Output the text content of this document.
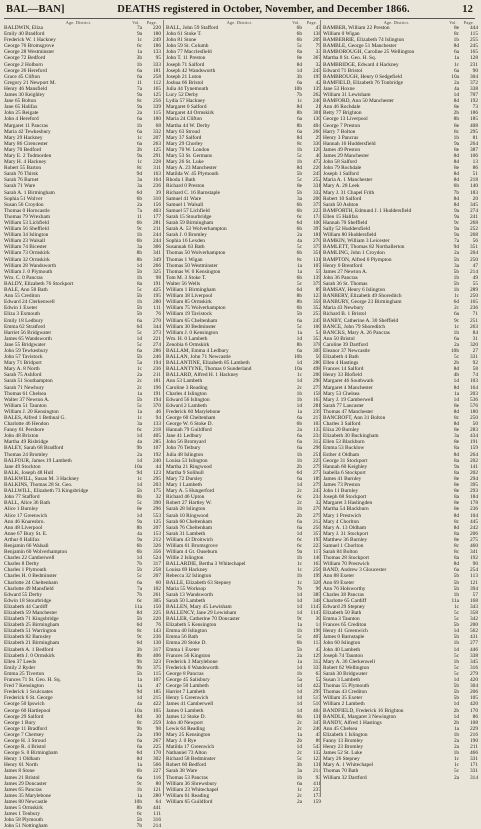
BAL—BAN]	DEATHS registered in October, November, and December 1866.	12
Age. District.	Vol.	Page.
BALDWIN, Eliza	7a	220
Emily 40 Bradford	9a	180
Frederick W. 1 Hackney	1c	249
George 76 Bromsgrove	6c	186
George 28 Westminster	1a	133
George 72 Bedford	3b	95
George 2 Holborn	1b	333
George 26 Hereford	6a	181
Grace 45 Clifton	6a	258
Gregory 21 Newport M.	11	112
Henry 46 Mansfield	7a	165
James 30 Keighley	9a	125
Jane 65 Bolton	8c	256
Jane 65 Halifax	9a	339
John 25 Reigate	2a	115
John 4 Hereford	6a	180
Margaret 11 Pancras	1b	68
Maria 42 Tewkesbury	6a	332
Mary 29 Hackney	1c	207
Mary 86 Cirencester	6a	263
Mary 70 Bedford	3b	125
Mary E. 2 Todmorden	9a	291
Mary H. 4 Hackney	1c	228
Robert 55 Barton	8c	311
Sarah 76 Thirsk	9d	163
Sarah 76 Barnet	3a	164
Sarah 71 Ware	3a	236
Sarah A. 1 Birmingham	6d	39
Sophia 51 Wolver	6b	310
Susan 56 Croydon	2a	156
Thomas 0 Horncastle	7a	403
Thomas 79 Wrexham	11	177
William 53 Lichfield	6b	281
William 56 Sheffield	9c	211
William 34 Islington	1b	244
William 23 Walsall	6b	244
William 74 Bicester	3a	306
William 73 Ormskirk	8b	341
William 32 Ormskirk	8b	349
William 28 Wandsworth	1d	266
William J. 0 Plymouth	5b	325
Wm. C. 0 Pancras	1b	98
BALDY, Elizabeth 76 Stockport	8a	191
BALE, Ann 58 Bath	5c	425
Ann 55 Crediton	5b	195
Edward 24 Clerkenwell	1b	280
Edwin 1 Exeter	5b	111
Eliza 3 Exmouth	5b	76
Emily 18 Ledbury	6a	270
Emma 62 Stratford	6d	344
Harriet 56 Bridgwater	5c	273
James 65 Wandsworth	1d	221
Jane 55 Bridgwater	5c	274
John 59 Tewkesbury	6a	286
John 57 Tavistock	5b	246
Mary 71 Bridport	5a	194
Mary A. 8 North	1c	236
Sarah 75 Ashford	2a	211
Sarah 51 Southampton	2c	181
Sarah 71 Newbury	2c	196
Thomas 61 Chelsea	1a	191
Walter 37 Newton A.	5b	194
William 51 Taunton	5c	370
William J. 20 Kensington	1a	46
BALES, Alfred 1 Bethnal G.	1c	94
Charlotte 46 Hendon	3a	133
Fanny 61 Pershore	6c	218
John 48 Brixton	1d	405
Martha 49 Risbridge	4a	285
BALEY, Sarah 68 Bradford	9b	107
Thomas 24 Bromley	2a	192
BALFOUR, James 19 Lambeth	1d	240
Jane 49 Stockton	10a	44
BALK, Joseph 48 Hull	9d	123
BALKWILL, Susan M. 3 Hackney	1c	295
BALKINS, Thomas 28 St. Geo.	1d	203
BALLWILL, Elizabeth 73 Kingsbridge	5b	175
John 77 Stafford	6b	32
BALL, Alice 36 Bath	5c	390
Alice 1 Burnley	8e	296
Alice 17 Greenwich	1d	553
Ann 46 Knaresbro.	9a	125
Ann 48 Liverpool	8b	207
Anne 67 Bury St. E.	4a	153
Arthur 0 Halifax	9a	212
Benjamin 66 Walsall	6b	326
Benjamin 60 Wolverhampton	6b	356
Charles 22 Camberwell	1d	524
Charles 8 Derby	7b	317
Charles 1 Plymouth	5b	258
Charles H. 0 Bedminster	5c	207
Charlotte 24 Cheltenham	6a	60
Charlotte 49 Mansfield	7a	102
Edward 55 Derby	7b	261
Edwin 18 Stourbridge	6c	305
Elizabeth 44 Cardiff	11a	150
Elizabeth 59 Manchester	8d	225
Elizabeth 71 Kingsbridge	5b	220
Elizabeth 25 Birmingham	6d	76
Elizabeth 51 Warrington	8c	143
Elizabeth 82 Barnsley	9c	236
Elizabeth 21 Birmingham	6d	130
Elizabeth A. 1 Bedford	3b	317
Elizabeth J. 0 Ormskirk	8b	406
Ellen 37 Leeds	9b	323
Emily 2 Ryder	9b	375
Emma 25 Tiverton	5b	115
Frances 71 St. Geo. H. Sq.	1a	107
Fred 7 Kensington	1a	47
Frederick 1 Sculcoates	9d	185
Frederick 6 St. George	1d	215
George 50 Ipswich	4a	422
George 60 Hartlepool	10a	105
George 29 Salford	8d	30
George 1 Bury	8c	259
George 11 Bradford	9b	98
George 7 Chertsey	2a	190
George H. 3 Stroud	6a	267
George R. 4 Bristol	6a	225
George S. 0 Birmingham	6d	170
Henry 1 Oldham	8d	302
Henry 61 North	1a	566
James 8 Stone	6b	227
James 21 Bristol	6a	116
James 29 Doncaster	9c	80
James 65 Pancras	1b	121
James 35 Marylebone	1a	280
James 80 Newcastle	10b	64
James 5 Ormskirk	8b	441
James 1 Tenbury	6c	111
John 58 Plymouth	5b	316
John 51 Nottingham	7b	214
Age. District.	Vol.	Page.
BALL, John 59 Stafford	6b	47
John 61 Stoke T.	6b	138
John 81 Stone	6b	209
John 59 St. Columb	5c	79
John 77 Macclesfield	8a	33
John T. 11 Preston	8e	367
Joseph 71 Salford	8d	32
Joseph 42 Wandsworth	1d	245
Joseph 21 Luton	3b	195
Joshua 66 Bristol	6a	42
Julia 44 Tynemouth	10b	139
Lucy 52 Derby	7b	262
Lydia 57 Hackney	1c	240
Margaret 0 Salford	8d	21
Margaret 44 Ormskirk	8b	301
Maria 24 Clifton	6a	130
Martha 44 W. Derby	8b	404
Mary 63 Stroud	6a	260
Mary 37 Salford	8d	29
Mary 29 Chorley	8c	330
Mary 70 W. London	1b	120
Mary 53 St. Germans	5c	40
Mary 26 St. Luke	1b	472
Mary A. 23 Manchester	8d	220
Matilda W. 45 Plymouth	5b	245
Rhoda 1 Bath	5c	252
Richard 0 Preston	8e	331
Richard C. 16 Barnstaple	5b	332
Samuel 41 Ware	3a	200
Samuel 1 Walsall	6b	375
Samuel 57 Lichfield	6b	223
Sarah 15 Stourbridge	6c	174
Sarah 59 Birmingham	6d	100
Sarah A. 53 Wolverhampton	6b	397
Sarah J. 0 Bromley	2a	181
Sophia 16 Lexden	4a	270
Susannah 63 Bath	5c	375
Thomas 50 Wolverhampton	6b	351
Thomas 1 Wigan	8c	131
Thomas 50 Westminster	1a	107
Thomas W. 0 Kensington	1a	55
Tom M. 3 Stoke T.	6b	139
Walter 56 Wells	5c	379
William 1 Birmingham	6d	89
William 38 Liverpool	8b	123
William 85 Ormskirk	8b	358
William 75 Wolverhampton	6b	352
William 19 Tavistock	5b	253
William 65 Cheltenham	6a	245
William 30 Bedminster	5c	100
William J. 0 Kensington	1a	54
Wm. H. 0 Lambeth	1d	353
Zenobia 6 Ormskirk	8b	378
BALLAM, Emma 4 Ledbury	6a	305
BALLAN, John 71 Newcastle	10b	50
BALLANTINE, Elizabeth 85 Lambeth	1d	280
BALLANTYNE, Thomas 0 Sunderland	10a	498
BALLARD, Alfred H. 1 Hackney	1c	200
Ann 53 Lambeth	1d	290
Caroline 3 Reading	2c	275
Charles 4 Islington	1b	158
Edward 56 Islington	1b	163
Edward 2 Lambeth	1d	281
Frederick 60 Marylebone	1a	239
George 60 Cheltenham	6a	217
George W. 6 Stoke D.	6b	103
Hannah 79 Guildford	2a	133
Jane 41 Ledbury	6a	234
John 56 Bromyard	6a	312
John 76 Tetbury	6a	296
Julia 48 Islington	1b	251
Louisa 53 Islington	1b	225
Martha 21 Ringwood	2b	279
Martha 9 Solihull	6d	277
Mary 72 Dursley	6a	189
Mary 1 Lambeth	1d	279
Mary A. 5 Hungerford	2c	243
Richard 46 Upton	6c	234
Robert 27 Hartley W.	2c	32
Sarah 28 Islington	1b	270
Sarah 10 Ringwood	2b	279
Sarah 60 Cheltenham	6a	212
Sarah 76 Cheltenham	6a	250
Sarah 31 Lambeth	1d	357
William 43 Droitwich	6c	195
William 61 Bromsgrove	6c	223
William 4 Gt. Ouseburn	9a	117
Willie 2 Islington	1b	140
BALLARDIE, Bertha 3 Whitechapel	1c	163
Louisa 69 Hackney	1c	256
Rebecca 32 Islington	1b	199
BALLE, Elizabeth 63 Stepney	1c	326
Maria 55 Worksop	7b	96
Sarah 13 Wandsworth	1d	385
Sarah 50 Lambeth	1d	348
BALLEN, Mary 45 Lewisham	1d	1147
BALLENCY, Jane 29 Lewisham	1d	1147
BALLER, Catherine 70 Doncaster	9c	30
Elizabeth 5 Kensington	1a	14
Emma 40 Islington	1b	196
Emma 56 Bath	5c	407
Emma 20 Stoke D.	6b	113
Emma 1 Exeter	5b	43
Frances 56 Kingston	2a	129
Frederick 3 Marylebone	1a	312
Frederick 0 Wandsworth	1d	333
George 8 Pancras	1b	63
George 45 Salisbury	5a	52
George 50 Lambeth	1d	422
Harriet 7 Lambeth	1d	295
Henry 5 Greenwich	1d	517
James 41 Camberwell	1d	510
James 0 Lambeth	1d	404
James 12 Stoke D.	6b	131
John 40 Newport	2c	347
Lewis 64 Reading	2c	240
Mary 25 Kensington	1a	45
Mary J. 0 Rye	2b	86
Matilda 17 Greenwich	1d	543
Nathaniel 73 Alton	2c	132
Richard 58 Bedminster	5c	123
Robert 60 Bedford	3b	131
Sarah 38 Ware	3a	214
Thomas 53 Pancras	1b	93
William 36 Shrewsbury	6a	411
William 23 Whitechapel	1c	237
William 61 Reading	2c	173
William 65 Guildford	2a	159
Age. District.	Vol.	Page.
BAMBER, William 22 Preston	8e	444
William 0 Wigan	8c	115
BAMBERRIE, Elizabeth 74 Islington	1b	255
BAMBLE, George 51 Manchester	8d	245
BAMBOROUGH, Caroline 25 Wellington	6a	165
Martha 8 St. Geo. H. Sq.	1a	128
BAMBRIDGE, Edward 4 Hackney	1c	231
Edward 71 Bristol	6a	90
BAMBROUGH, Henry 0 Sedgefield	10a	304
BAMFIELD, Elizabeth 76 Tonbridge	2a	372
Jane 53 Hoxne	4a	338
William 31 Lewisham	1d	707
BAMFORD, Ann 50 Manchester	8d	192
Ann 46 Rochdale	8e	73
Betty 77 Brighton	2b	186
George 13 Liverpool	8b	185
George 7 Preston	8e	408
Harry 7 Bolton	8c	295
Henry 3 Pancras	1b	81
Hannah 16 Huddersfield	9a	264
James 49 Preston	8e	387
James 29 Manchester	8d	106
John 58 Salford	8d	13
John 79 Rochdale	8e	86
Joseph 1 Salford	8d	51
Maria A. 1 Manchester	8d	218
Mary A. 28 Leek	6b	140
Mary J. 31 Chapel Frith	7b	183
Robert 10 Salford	8d	20
Sarah 50 Ashton	8d	345
BAMFORTH, Edmund J. 1 Huddersfield	9a	274
Ellen 15 Halifax	9a	241
Hannah 70 Sheffield	9c	268
Sally 52 Huddersfield	9a	252
William 80 Huddersfield	9a	268
BAMKIN, William 3 Leicester	7a	56
BAMLETT, Thomas 82 Northallerton	9d	351
BAMLING, John 1 Croydon	2a	204
BAMPTON, Alfred 0 Plympton	5b	250
Henry 0 Brentford	3a	47
James 27 Newton A.	5b	214
John 36 Pancras	1b	49
Sarah 36 St. Thomas	5b	55
BAMSAY, Henry 6 Islington	1b	289
BANBERY, Elizabeth 49 Shoreditch	1c	250
BANBURY, George 23 Birmingham	6d	165
Maria 43 Newbury	2c	236
Richard B. 1 Bristol	6a	71
BANBY, Catherine A. 30 Sheffield	9c	251
BANCE, John 79 Shoreditch	1c	263
BANCKS, Mary A. 26 Pancras	1b	84
Ann 50 Bristol	6a	31
Caroline 39 Dartford	2a	320
Eleanor 37 Newcastle	10b	27
Elizabeth 4 Bath	5c	331
Ellen 4 Hastings	2b	92
Frances 14 Salford	8d	58
Henry 33 Blofield	4b	74
Margaret 46 Southwark	1d	103
Margaret 4 Manchester	8d	164
Mary 53 Chelsea	1a	203
Mary J. 19 Camberwell	1d	536
Sarah 77 Lancaster	8e	576
Thomas 47 Manchester	8d	180
BANCROFT, Ann 31 Bolton	8c	250
Charles 3 Salford	8d	50
Eliza 20 Burnley	8e	283
Elizabeth 30 Buckingham	3a	434
Ellen 53 Blackburn	8e	191
Emma 53 Bucklow	8a	159
Esther 4 Oldham	8d	264
George 31 Stockport	8a	202
Hannah 60 Keighley	9a	141
Isabella 6 Stockport	8a	202
James 41 Burnley	8e	294
James 73 Preston	8e	395
John 11 Burnley	8e	293
Joseph 68 Stockport	8a	184
Margaret 3 Haslingden	8e	178
Martha 54 Blackburn	8e	236
Mary 1 Prestwich	8d	104
Mary 4 Chorlton	8c	445
Mary A. 13 Oldham	8d	242
Mary J. 31 Stockport	8a	206
Matthew 36 Burnley	8e	275
Samuel 1 Chorlton	8c	460
Sarah 84 Bolton	8c	341
Thomas 28 Stockport	8a	192
William 70 Prestwich	8d	90
BAND, Andrew 3 Gloucester	6a	254
Ann 88 Exeter	5b	113
Ann 69 Exeter	5b	121
Ann 76 Holsworthy	5b	394
Charles 38 Pancras	1b	57
Charlotte 65 Cardiff	11a	168
Edward 29 Stepney	1c	343
Elizabeth 50 Bath	5c	358
Emma 3 Taunton	5c	342
Frances 65 Crediton	5b	200
Henry 41 Greenwich	1d	562
James 0 Barnstaple	5b	431
John 60 Islington	1b	277
John 40 Lambeth	1d	446
Joseph 74 Taunton	5c	338
Mary A. 36 Clerkenwell	1b	345
Robert 62 Wellington	5c	316
Sarah 30 Bridgwater	5c	279
Susan 3 Lambeth	1d	420
Thomas 55 Plymouth	5b	304
Thomas 43 Crediton	5b	206
William 35 Exeter	5b	105
William 2 Lambeth	1d	420
BANDFIELD, Frederick 16 Brighton	2b	170
BANDLE, Margaret 3 Newington	1d	86
BANDY, Alfred 1 Hastings	2b	108
Ann 45 Chelsea	1a	229
Elizabeth 1 Islington	1b	216
Fanny 13 Bromley	2a	190
Henry 23 Bromley	2a	211
James 52 St. Luke	1b	466
Mary 26 Stepney	1c	331
Mary A. 1 Whitechapel	1c	171
Thomas 70 Bath	5c	331
William 32 Dartford	2a	314
